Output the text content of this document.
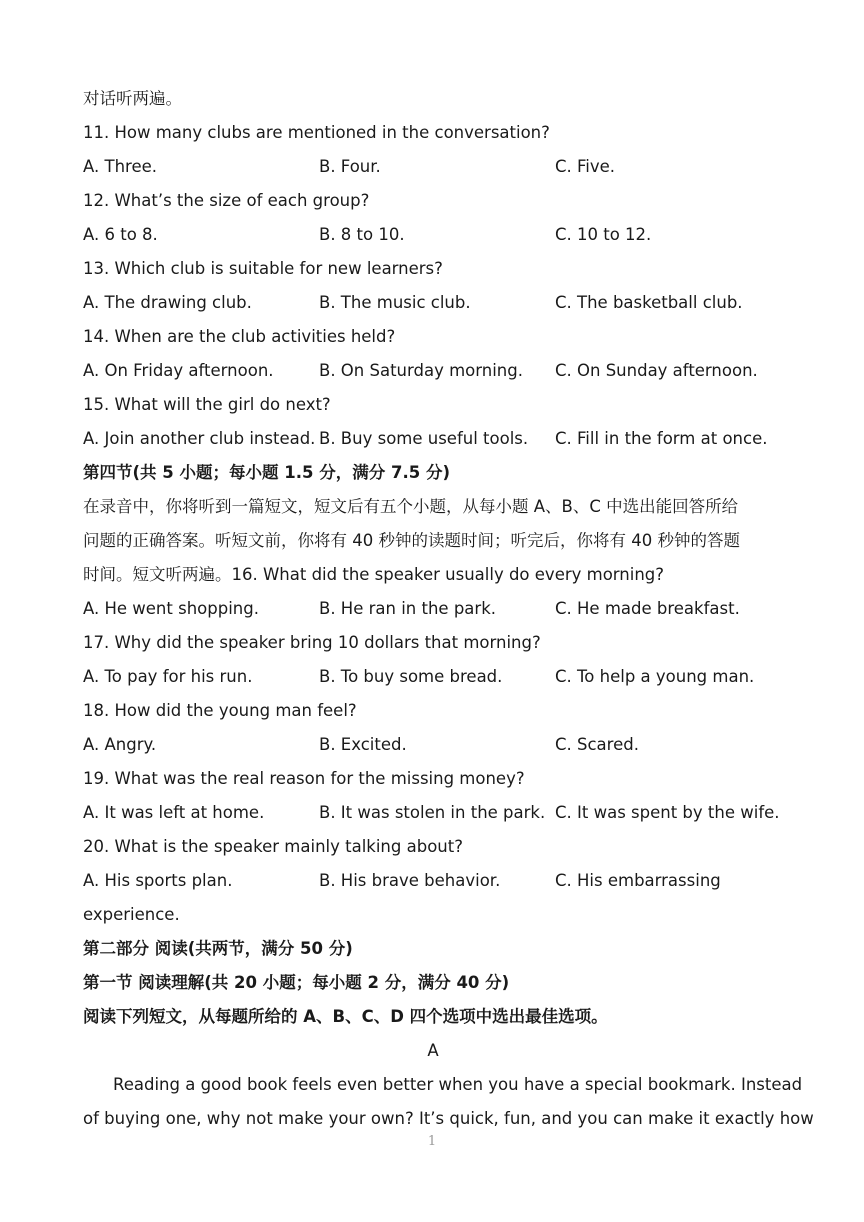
对话听两遍。
11. How many clubs are mentioned in the conversation?
A. Three.	B. Four.	C. Five.
12. What’s the size of each group?
A. 6 to 8.	B. 8 to 10.	C. 10 to 12.
13. Which club is suitable for new learners?
A. The drawing club.	B. The music club.	C. The basketball club.
14. When are the club activities held?
A. On Friday afternoon.	B. On Saturday morning.	C. On Sunday afternoon.
15. What will the girl do next?
A. Join another club instead. B. Buy some useful tools.	C. Fill in the form at once.
第四节(共 5 小题；每小题 1.5 分，满分 7.5 分)
在录音中，你将听到一篇短文，短文后有五个小题，从每小题 A、B、C 中选出能回答所给
问题的正确答案。听短文前，你将有 40 秒钟的读题时间；听完后，你将有 40 秒钟的答题
时间。短文听两遍。16. What did the speaker usually do every morning?
A. He went shopping.	B. He ran in the park.	C. He made breakfast.
17. Why did the speaker bring 10 dollars that morning?
A. To pay for his run.	B. To buy some bread.	C. To help a young man.
18. How did the young man feel?
A. Angry.	B. Excited.	C. Scared.
19. What was the real reason for the missing money?
A. It was left at home.	B. It was stolen in the park. C. It was spent by the wife.
20. What is the speaker mainly talking about?
A. His sports plan.	B. His brave behavior.	C. His embarrassing
experience.
第二部分 阅读(共两节，满分 50 分)
第一节 阅读理解(共 20 小题；每小题 2 分，满分 40 分)
阅读下列短文，从每题所给的 A、B、C、D 四个选项中选出最佳选项。
A
Reading a good book feels even better when you have a special bookmark. Instead
of buying one, why not make your own? It’s quick, fun, and you can make it exactly how
1
